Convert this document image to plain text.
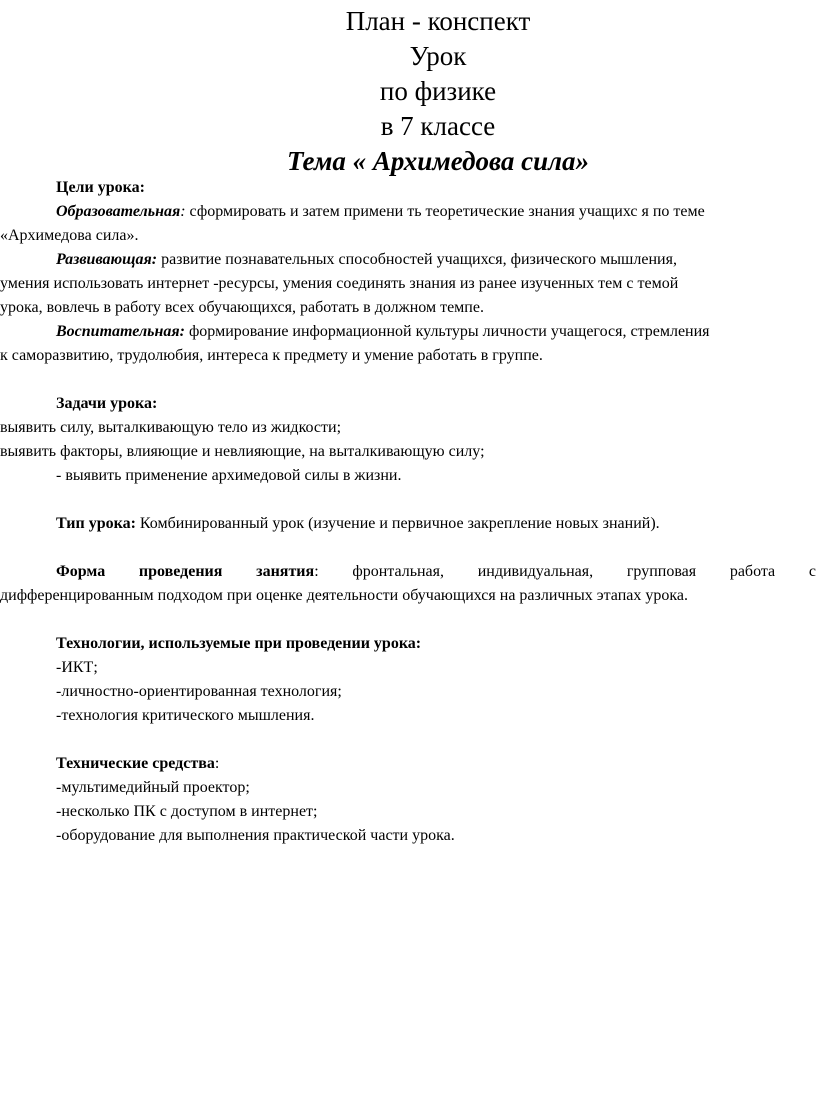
План - конспект
Урок
по физике
в 7 классе
Тема « Архимедова сила»

Цели урока:

Образовательная: сформировать и затем примени ть теоретические знания учащихс я по теме

«Архимедова сила».

Развивающая: развитие познавательных способностей учащихся, физического мышления,

умения использовать интернет -ресурсы, умения соединять знания из ранее изученных тем с темой

урока, вовлечь в работу всех обучающихся, работать в должном темпе.

Воспитательная: формирование информационной культуры личности учащегося, стремления

к саморазвитию, трудолюбия, интереса к предмету и умение работать в группе.

Задачи урока:

выявить силу, выталкивающую тело из жидкости;

выявить факторы, влияющие и невлияющие, на выталкивающую силу;

- выявить применение архимедовой силы в жизни.

Тип урока: Комбинированный урок (изучение и первичное закрепление новых знаний).

Форма проведения занятия: фронтальная, индивидуальная, групповая работа с

дифференцированным подходом при оценке деятельности обучающихся на различных этапах урока.

Технологии, используемые при проведении урока:

-ИКТ;

-личностно-ориентированная технология;

-технология критического мышления.

Технические средства:

-мультимедийный проектор;

-несколько ПК с доступом в интернет;

-оборудование для выполнения практической части урока.
